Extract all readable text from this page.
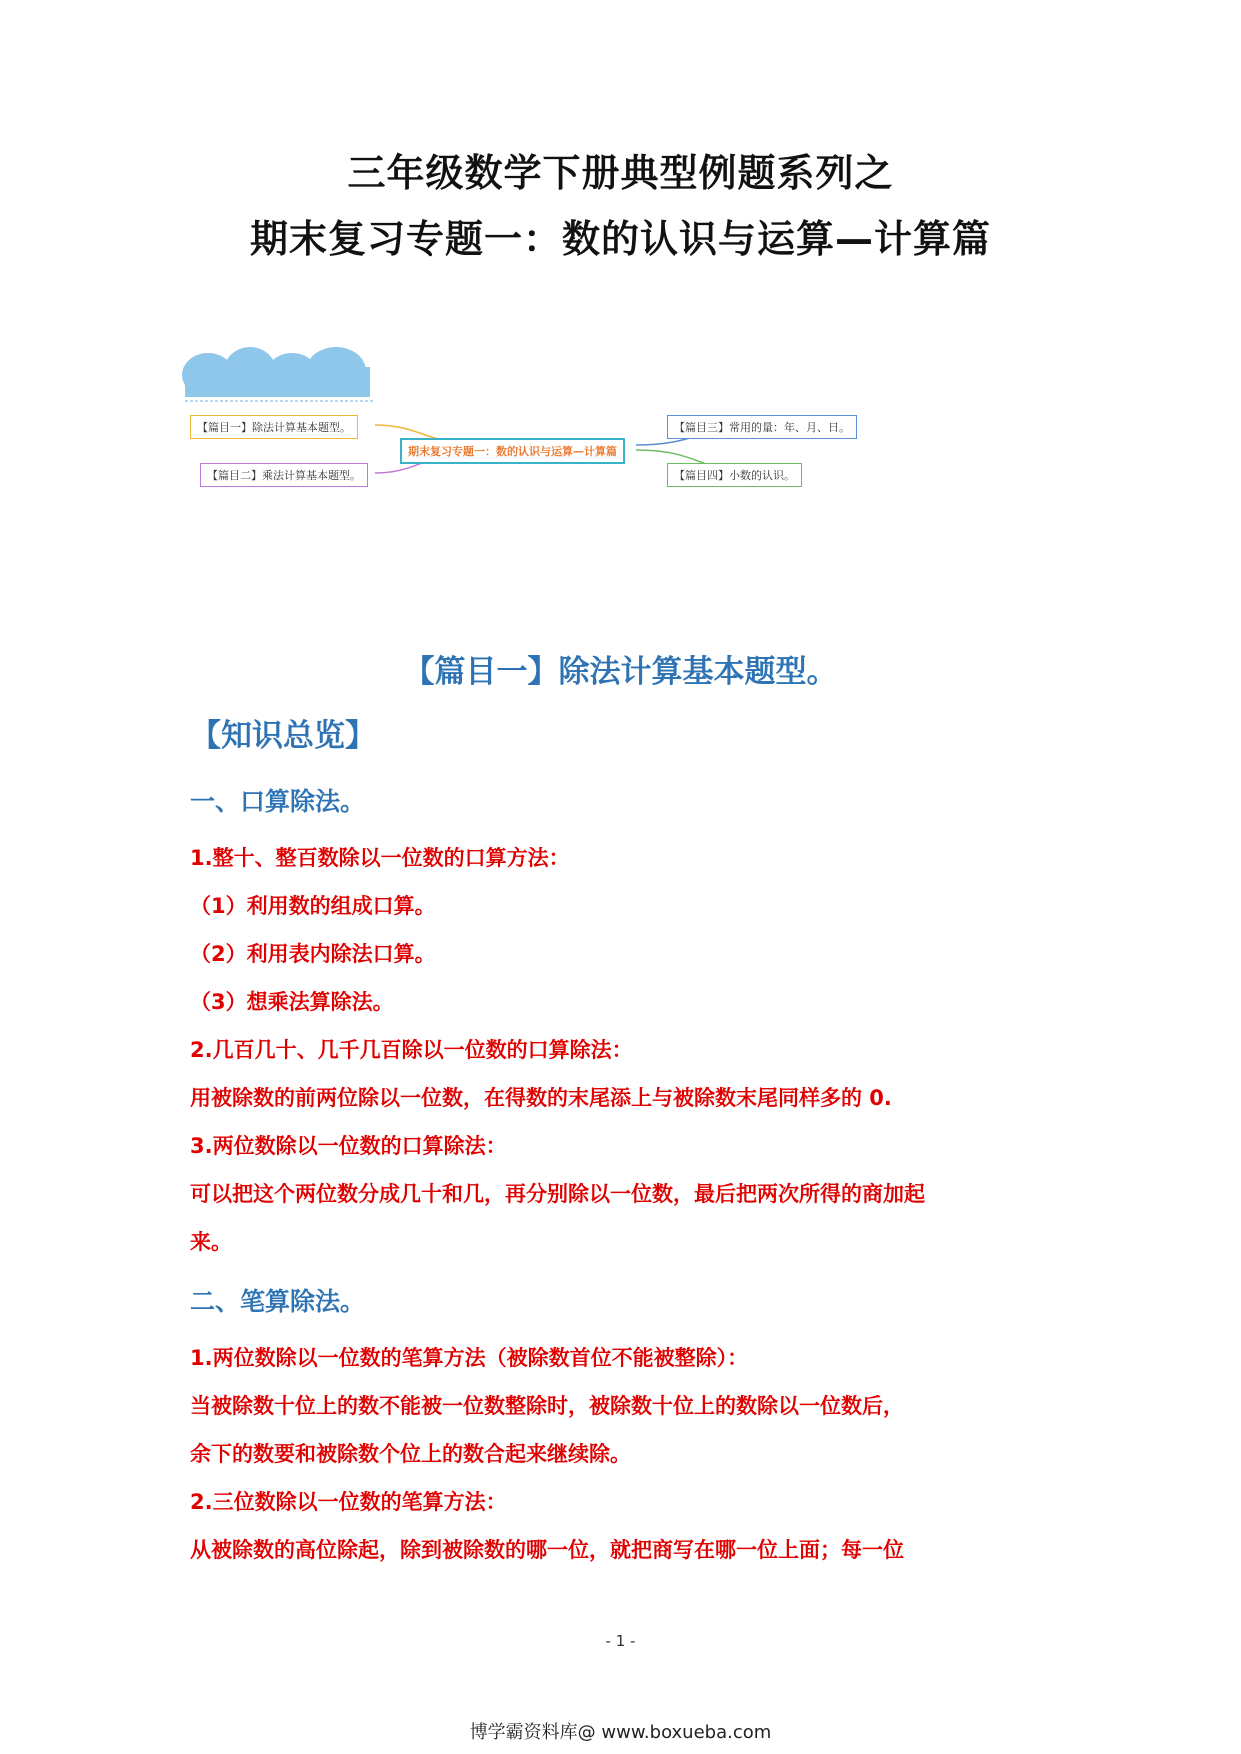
三年级数学下册典型例题系列之
期末复习专题一：数的认识与运算—计算篇
【篇目一】除法计算基本题型。
【篇目二】乘法计算基本题型。
期末复习专题一：数的认识与运算—计算篇
【篇目三】常用的量：年、月、日。
【篇目四】小数的认识。
【篇目一】除法计算基本题型。
【知识总览】
一、口算除法。
1.整十、整百数除以一位数的口算方法：
（1）利用数的组成口算。
（2）利用表内除法口算。
（3）想乘法算除法。
2.几百几十、几千几百除以一位数的口算除法：
用被除数的前两位除以一位数，在得数的末尾添上与被除数末尾同样多的 0.
3.两位数除以一位数的口算除法：
可以把这个两位数分成几十和几，再分别除以一位数，最后把两次所得的商加起
来。
二、笔算除法。
1.两位数除以一位数的笔算方法（被除数首位不能被整除）：
当被除数十位上的数不能被一位数整除时，被除数十位上的数除以一位数后，
余下的数要和被除数个位上的数合起来继续除。
2.三位数除以一位数的笔算方法：
从被除数的高位除起，除到被除数的哪一位，就把商写在哪一位上面；每一位
- 1 -
博学霸资料库@ www.boxueba.com
